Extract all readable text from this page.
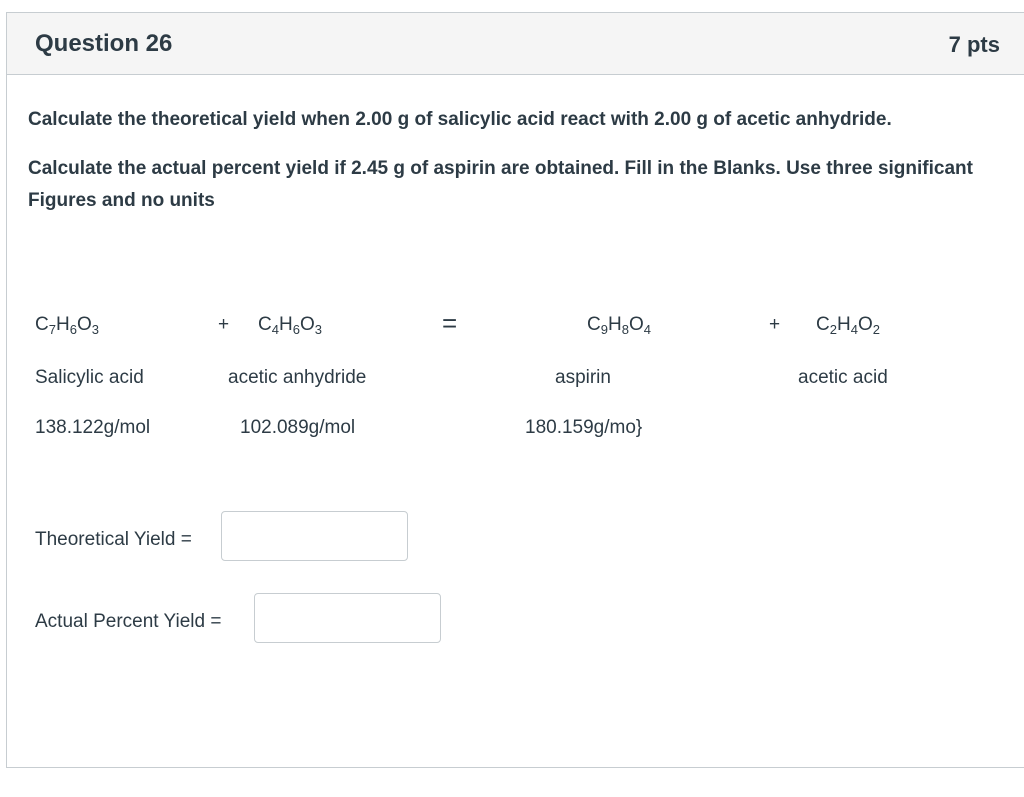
Question 26	7 pts
Calculate the theoretical yield when 2.00 g of salicylic acid react with 2.00 g of acetic anhydride.
Calculate the actual percent yield if 2.45 g of aspirin are obtained. Fill in the Blanks. Use three significant Figures and no units
$C_7H_6O_3$	+ $C_4H_6O_3$	=	$C_9H_8O_4$	+ $C_2H_4O_2$
Salicylic acid	acetic anhydride	aspirin	acetic acid
138.122g/mol	102.089g/mol	180.159g/mo}
Theoretical Yield =
Actual Percent Yield =
